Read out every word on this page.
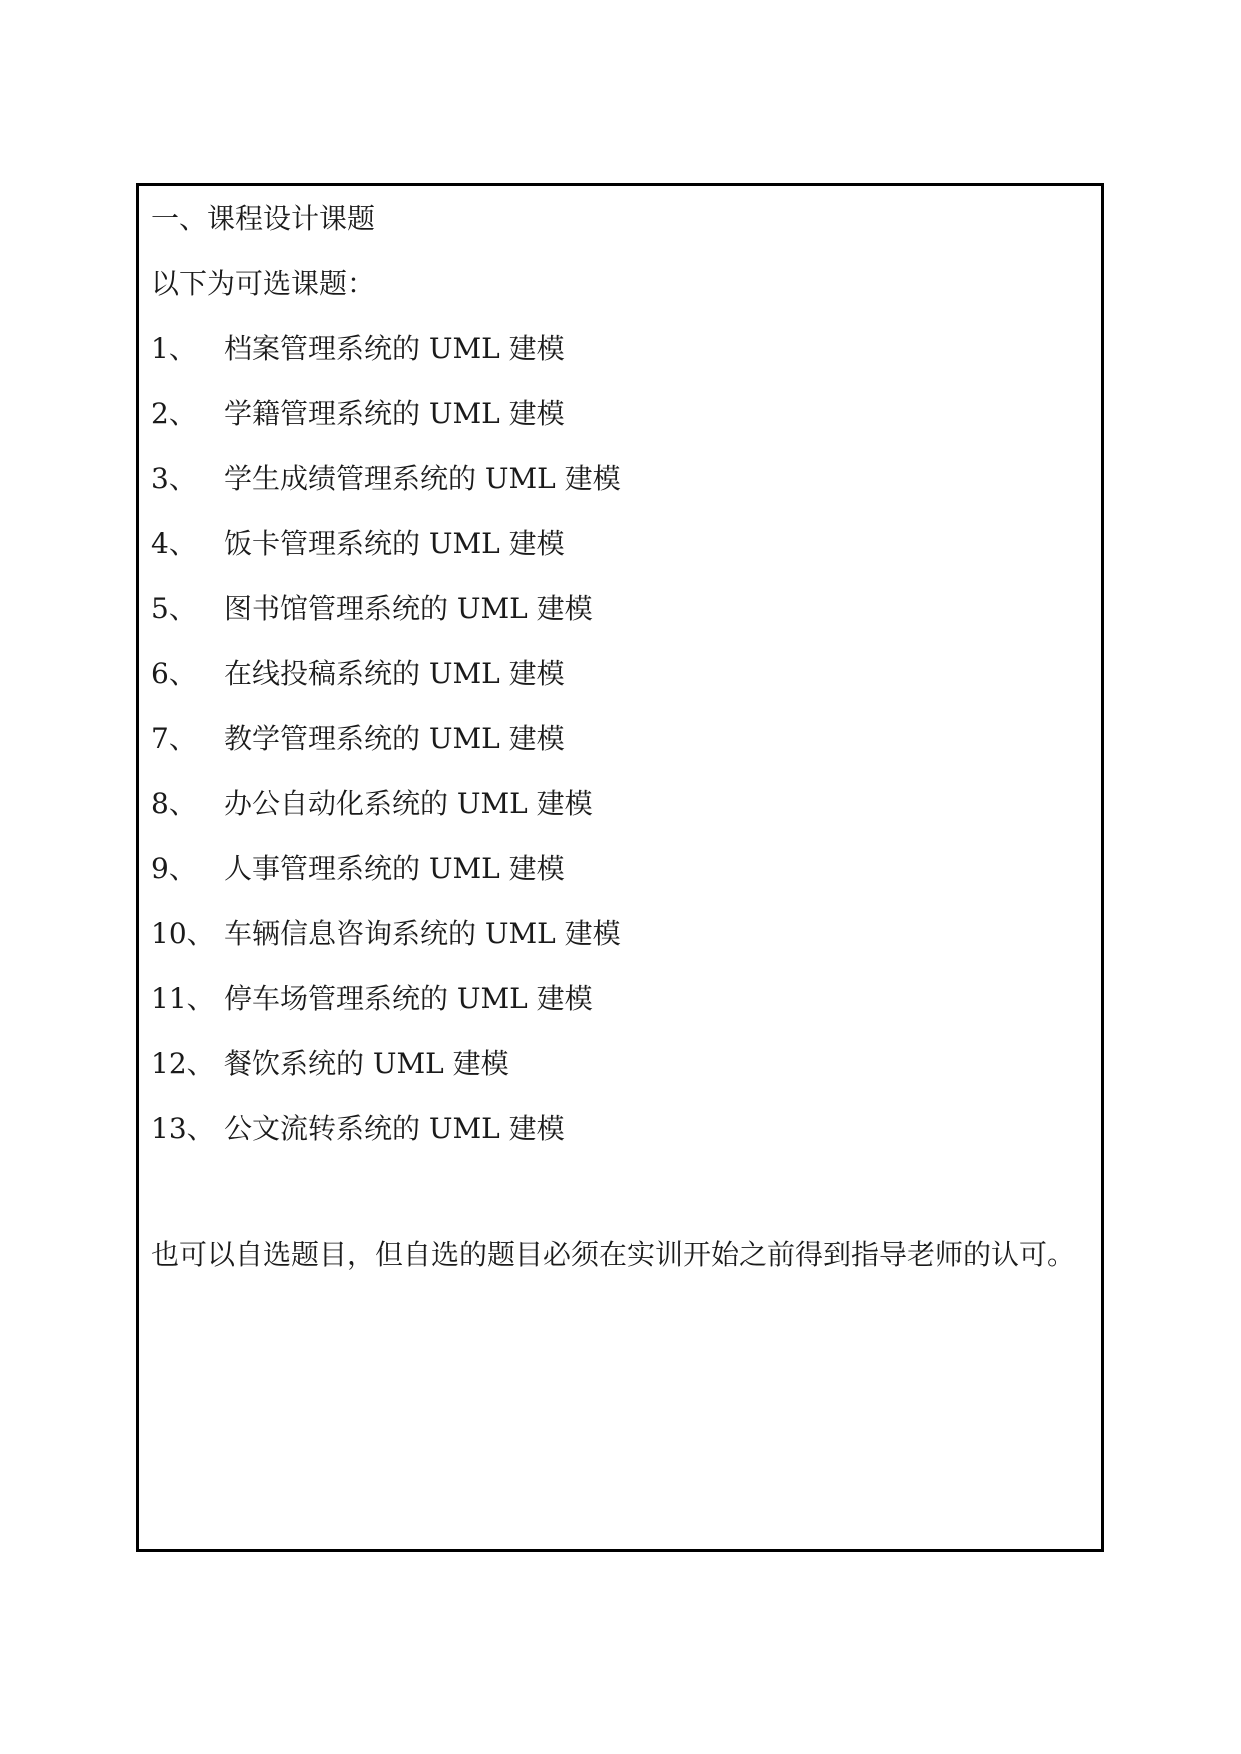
一、课程设计课题
以下为可选课题：
1、 档案管理系统的 UML 建模
2、 学籍管理系统的 UML 建模
3、 学生成绩管理系统的 UML 建模
4、 饭卡管理系统的 UML 建模
5、 图书馆管理系统的 UML 建模
6、 在线投稿系统的 UML 建模
7、 教学管理系统的 UML 建模
8、 办公自动化系统的 UML 建模
9、 人事管理系统的 UML 建模
10、 车辆信息咨询系统的 UML 建模
11、 停车场管理系统的 UML 建模
12、 餐饮系统的 UML 建模
13、 公文流转系统的 UML 建模
也可以自选题目，但自选的题目必须在实训开始之前得到指导老师的认可。
